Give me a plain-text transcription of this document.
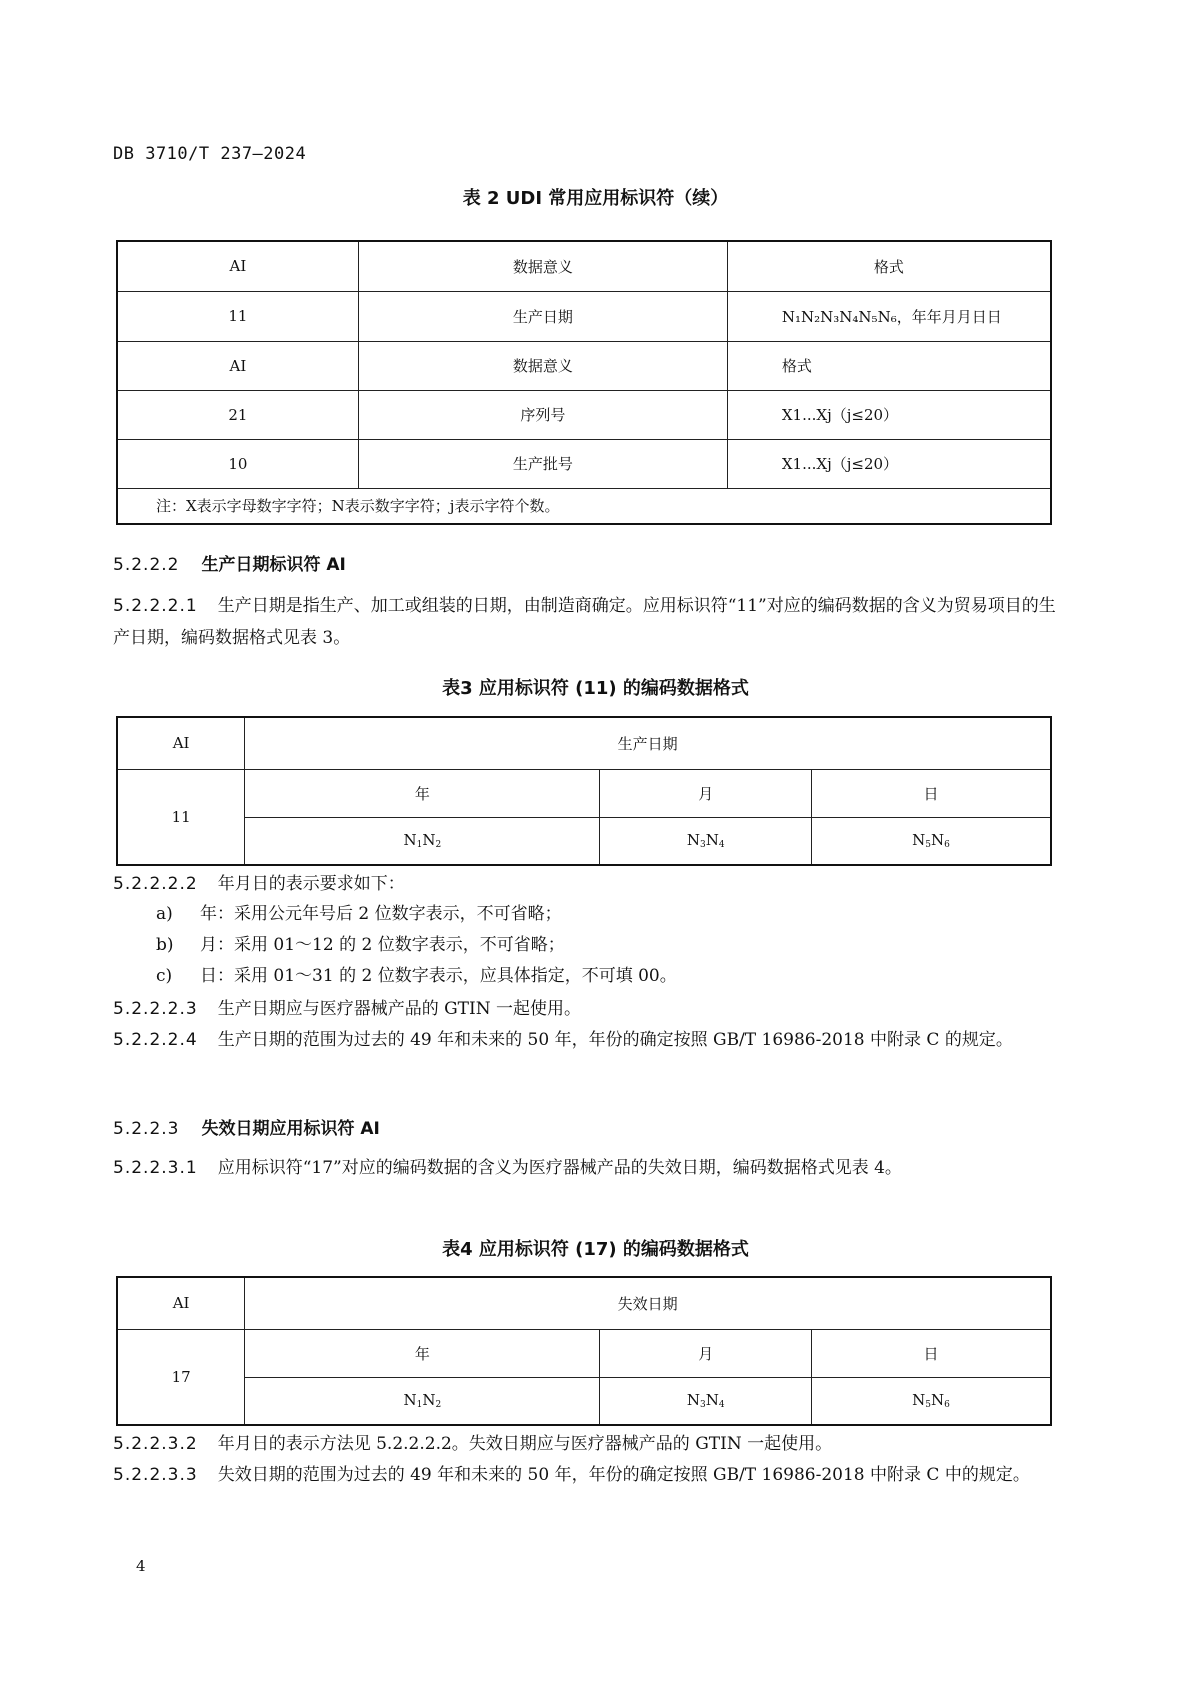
DB 3710/T 237—2024
表 2 UDI 常用应用标识符（续）
AI	数据意义	格式
11	生产日期	N₁N₂N₃N₄N₅N₆，年年月月日日
AI	数据意义	格式
21	序列号	X1...Xj（j≤20）
10	生产批号	X1...Xj（j≤20）
注：X表示字母数字字符；N表示数字字符；j表示字符个数。		
5.2.2.2 生产日期标识符 AI
5.2.2.2.1 生产日期是指生产、加工或组装的日期，由制造商确定。应用标识符“11”对应的编码数据的含义为贸易项目的生产日期，编码数据格式见表 3。
表3 应用标识符 (11) 的编码数据格式
AI	生产日期		
11	年	月	日
	$N_1N_2$	$N_3N_4$	$N_5N_6$
5.2.2.2.2 年月日的表示要求如下：
a) 年：采用公元年号后 2 位数字表示，不可省略；
b) 月：采用 01～12 的 2 位数字表示，不可省略；
c) 日：采用 01～31 的 2 位数字表示，应具体指定，不可填 00。
5.2.2.2.3 生产日期应与医疗器械产品的 GTIN 一起使用。
5.2.2.2.4 生产日期的范围为过去的 49 年和未来的 50 年，年份的确定按照 GB/T 16986-2018 中附录 C 的规定。
5.2.2.3 失效日期应用标识符 AI
5.2.2.3.1 应用标识符“17”对应的编码数据的含义为医疗器械产品的失效日期，编码数据格式见表 4。
表4 应用标识符 (17) 的编码数据格式
AI	失效日期		
17	年	月	日
	$N_1N_2$	$N_3N_4$	$N_5N_6$
5.2.2.3.2 年月日的表示方法见 5.2.2.2.2。失效日期应与医疗器械产品的 GTIN 一起使用。
5.2.2.3.3 失效日期的范围为过去的 49 年和未来的 50 年，年份的确定按照 GB/T 16986-2018 中附录 C 中的规定。
4
